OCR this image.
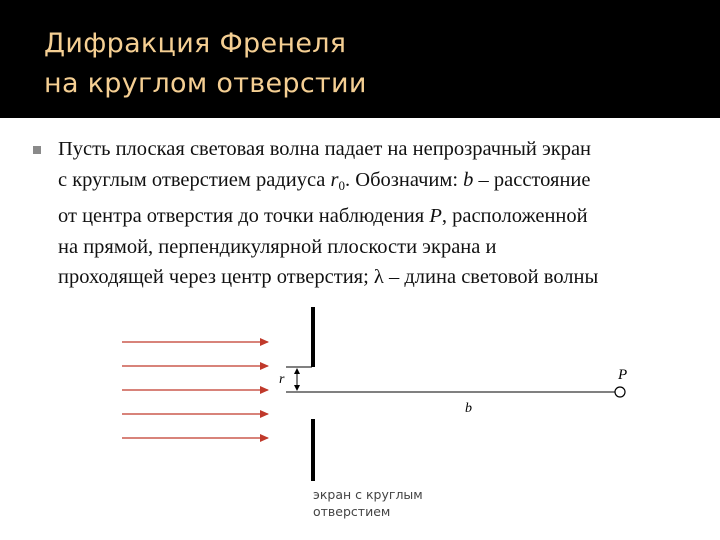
Дифракция Френеля
на круглом отверстии
Пусть плоская световая волна падает на непрозрачный экран
с круглым отверстием радиуса $r_0$. Обозначим: b – расстояние
от центра отверстия до точки наблюдения P, расположенной
на прямой, перпендикулярной плоскости экрана и
проходящей через центр отверстия; λ – длина световой волны
r	P
b
экран с круглым
отверстием
